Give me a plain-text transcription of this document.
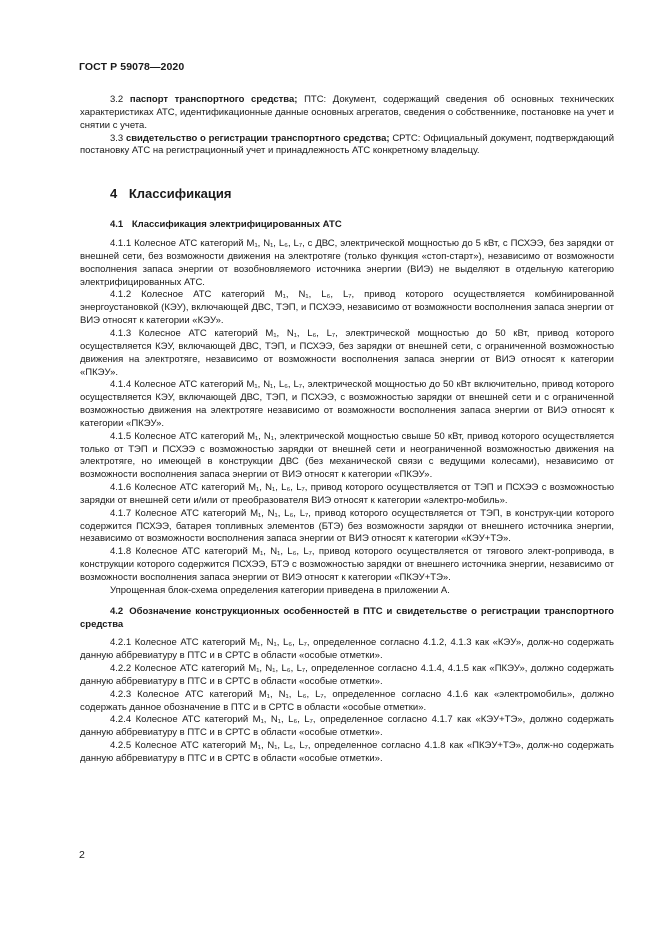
ГОСТ Р 59078—2020

3.2 паспорт транспортного средства; ПТС: Документ, содержащий сведения об основных технических характеристиках АТС, идентификационные данные основных агрегатов, сведения о собственнике, постановке на учет и снятии с учета.

3.3 свидетельство о регистрации транспортного средства; СРТС: Официальный документ, подтверждающий постановку АТС на регистрационный учет и принадлежность АТС конкретному владельцу.

4 Классификация
4.1 Классификация электрифицированных АТС

4.1.1 Колесное АТС категорий M₁, N₁, L₆, L₇, с ДВС, электрической мощностью до 5 кВт, с ПСХЭЭ, без зарядки от внешней сети, без возможности движения на электротяге (только функция «стоп-старт»), независимо от возможности восполнения запаса энергии от возобновляемого источника энергии (ВИЭ) не выделяют в отдельную категорию электрифицированных АТС.

4.1.2 Колесное АТС категорий M₁, N₁, L₆, L₇, привод которого осуществляется комбинированной энергоустановкой (КЭУ), включающей ДВС, ТЭП, и ПСХЭЭ, независимо от возможности восполнения запаса энергии от ВИЭ относят к категории «КЭУ».

4.1.3 Колесное АТС категорий M₁, N₁, L₆, L₇, электрической мощностью до 50 кВт, привод которого осуществляется КЭУ, включающей ДВС, ТЭП, и ПСХЭЭ, без зарядки от внешней сети, с ограниченной возможностью движения на электротяге, независимо от возможности восполнения запаса энергии от ВИЭ относят к категории «ПКЭУ».

4.1.4 Колесное АТС категорий M₁, N₁, L₆, L₇, электрической мощностью до 50 кВт включительно, привод которого осуществляется КЭУ, включающей ДВС, ТЭП, и ПСХЭЭ, с возможностью зарядки от внешней сети и с ограниченной возможностью движения на электротяге независимо от возможности восполнения запаса энергии от ВИЭ относят к категории «ПКЭУ».

4.1.5 Колесное АТС категорий M₁, N₁, электрической мощностью свыше 50 кВт, привод которого осуществляется только от ТЭП и ПСХЭЭ с возможностью зарядки от внешней сети и неограниченной возможностью движения на электротяге, но имеющей в конструкции ДВС (без механической связи с ведущими колесами), независимо от возможности восполнения запаса энергии от ВИЭ относят к категории «ПКЭУ».

4.1.6 Колесное АТС категорий M₁, N₁, L₆, L₇, привод которого осуществляется от ТЭП и ПСХЭЭ с возможностью зарядки от внешней сети и/или от преобразователя ВИЭ относят к категории «электро-мобиль».

4.1.7 Колесное АТС категорий M₁, N₁, L₆, L₇, привод которого осуществляется от ТЭП, в конструк-ции которого содержится ПСХЭЭ, батарея топливных элементов (БТЭ) без возможности зарядки от внешнего источника энергии, независимо от возможности восполнения запаса энергии от ВИЭ относят к категории «КЭУ+ТЭ».

4.1.8 Колесное АТС категорий M₁, N₁, L₆, L₇, привод которого осуществляется от тягового элект-ропривода, в конструкции которого содержится ПСХЭЭ, БТЭ с возможностью зарядки от внешнего источника энергии, независимо от возможности восполнения запаса энергии от ВИЭ относят к категории «ПКЭУ+ТЭ».

Упрощенная блок-схема определения категории приведена в приложении А.

4.2 Обозначение конструкционных особенностей в ПТС и свидетельстве о регистрации транспортного средства

4.2.1 Колесное АТС категорий M₁, N₁, L₆, L₇, определенное согласно 4.1.2, 4.1.3 как «КЭУ», долж-но содержать данную аббревиатуру в ПТС и в СРТС в области «особые отметки».

4.2.2 Колесное АТС категорий M₁, N₁, L₆, L₇, определенное согласно 4.1.4, 4.1.5 как «ПКЭУ», должно содержать данную аббревиатуру в ПТС и в СРТС в области «особые отметки».

4.2.3 Колесное АТС категорий M₁, N₁, L₆, L₇, определенное согласно 4.1.6 как «электромобиль», должно содержать данное обозначение в ПТС и в СРТС в области «особые отметки».

4.2.4 Колесное АТС категорий M₁, N₁, L₆, L₇, определенное согласно 4.1.7 как «КЭУ+ТЭ», должно содержать данную аббревиатуру в ПТС и в СРТС в области «особые отметки».

4.2.5 Колесное АТС категорий M₁, N₁, L₆, L₇, определенное согласно 4.1.8 как «ПКЭУ+ТЭ», долж-но содержать данную аббревиатуру в ПТС и в СРТС в области «особые отметки».

2
